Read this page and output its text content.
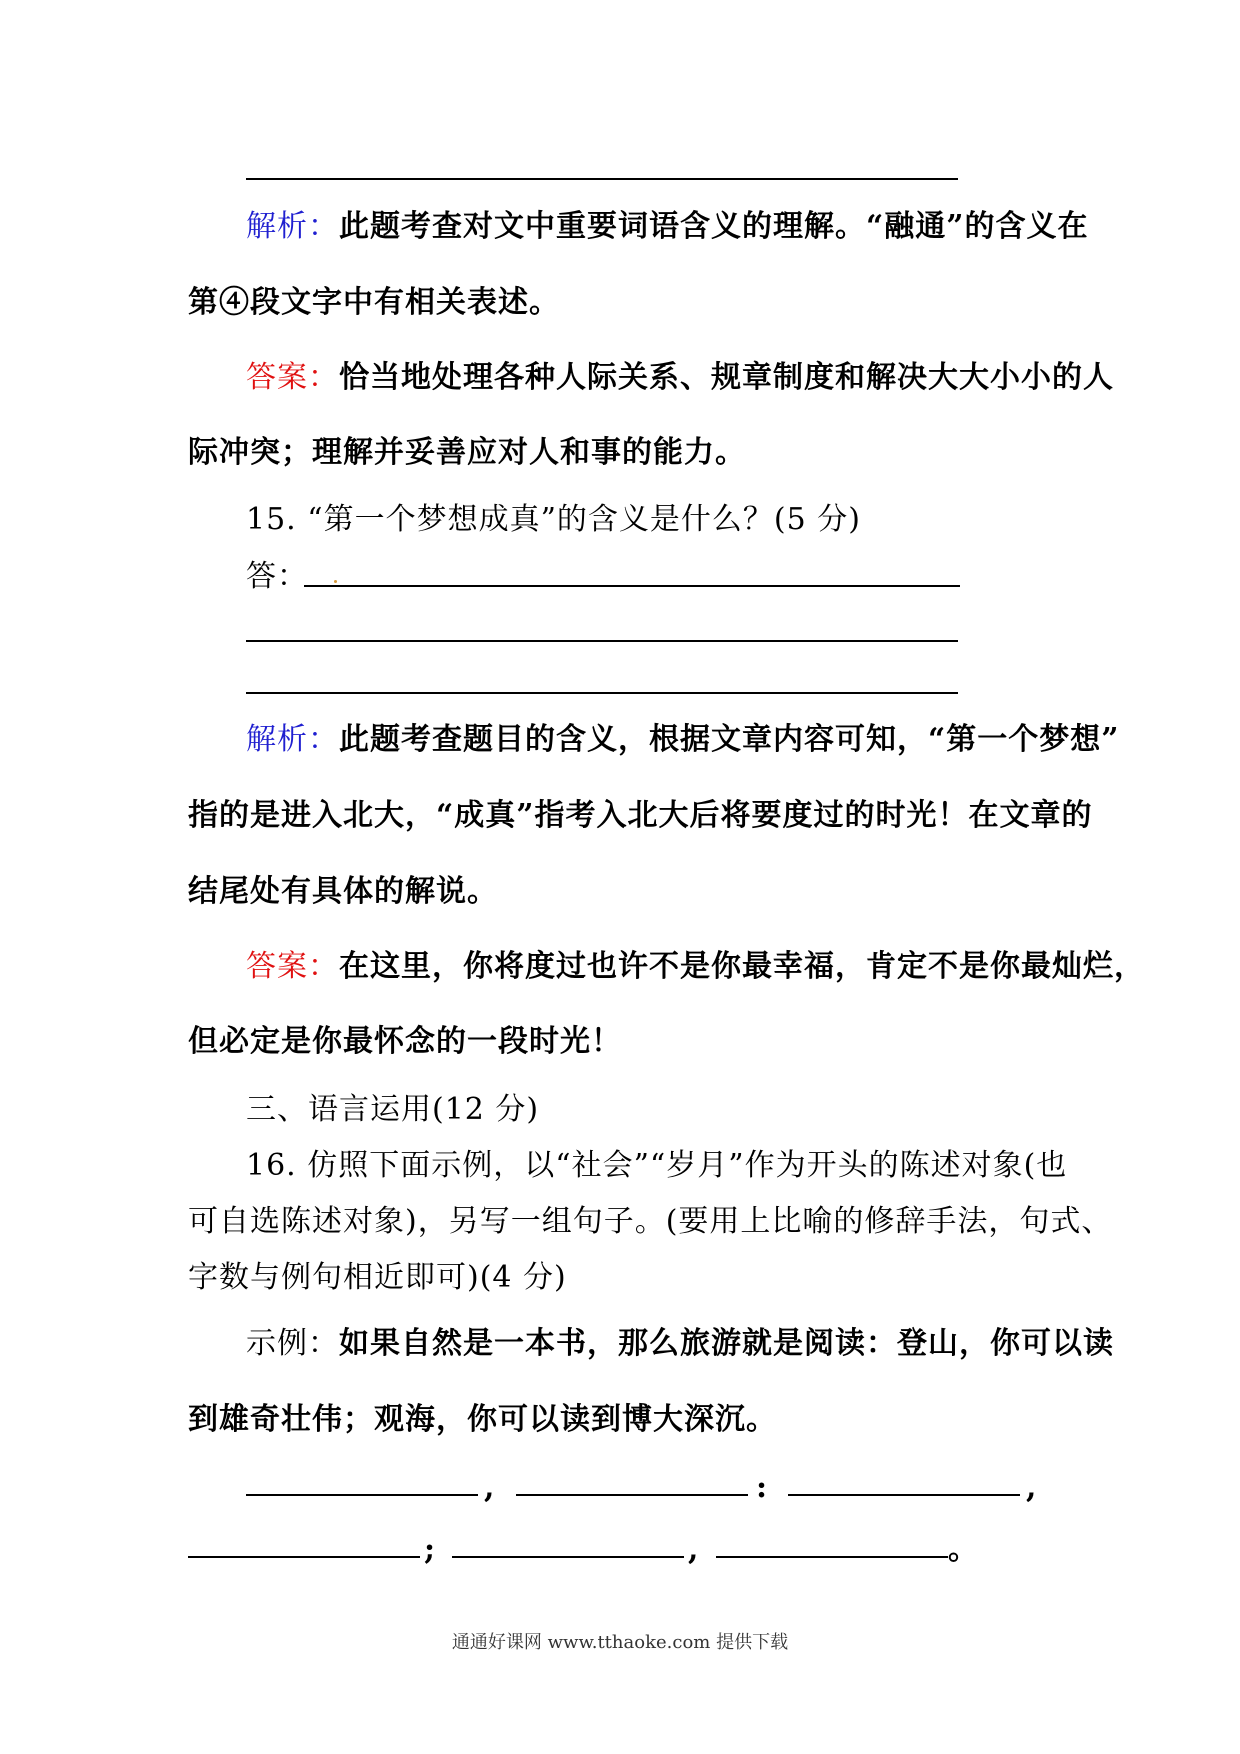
解析：此题考查对文中重要词语含义的理解。“融通”的含义在
第④段文字中有相关表述。
答案：恰当地处理各种人际关系、规章制度和解决大大小小的人
际冲突；理解并妥善应对人和事的能力。
15. “第一个梦想成真”的含义是什么？(5 分)
答：
解析：此题考查题目的含义，根据文章内容可知，“第一个梦想”
指的是进入北大，“成真”指考入北大后将要度过的时光！在文章的
结尾处有具体的解说。
答案：在这里，你将度过也许不是你最幸福，肯定不是你最灿烂，
但必定是你最怀念的一段时光！
三、语言运用(12 分)
16. 仿照下面示例，以“社会”“岁月”作为开头的陈述对象(也
可自选陈述对象)，另写一组句子。(要用上比喻的修辞手法，句式、
字数与例句相近即可)(4 分)
示例：如果自然是一本书，那么旅游就是阅读：登山，你可以读
到雄奇壮伟；观海，你可以读到博大深沉。
,	:	,
;	,	。
通通好课网 www.tthaoke.com 提供下载
